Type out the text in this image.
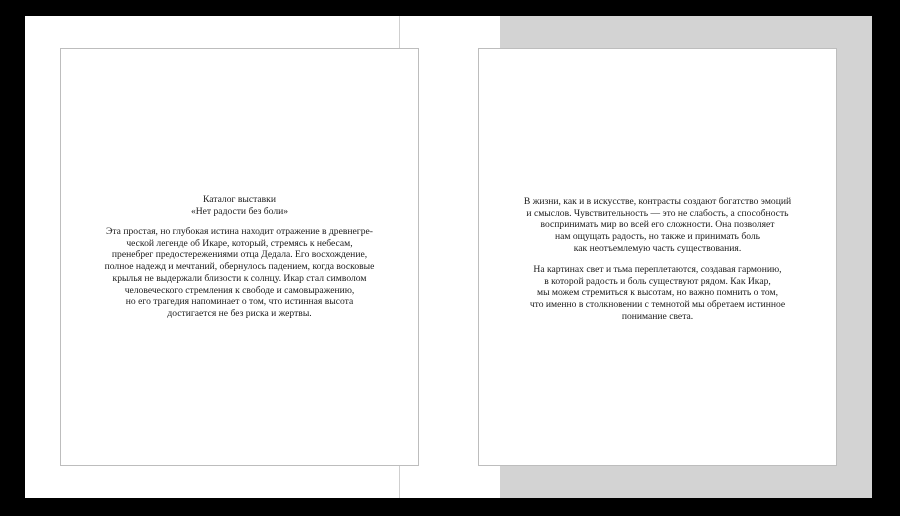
Каталог выставки
«Нет радости без боли»
Эта простая, но глубокая истина находит отражение в древнегре-
ческой легенде об Икаре, который, стремясь к небесам,
пренебрег предостережениями отца Дедала. Его восхождение,
полное надежд и мечтаний, обернулось падением, когда восковые
крылья не выдержали близости к солнцу. Икар стал символом
человеческого стремления к свободе и самовыражению,
но его трагедия напоминает о том, что истинная высота
достигается не без риска и жертвы.
В жизни, как и в искусстве, контрасты создают богатство эмоций
и смыслов. Чувствительность — это не слабость, а способность
воспринимать мир во всей его сложности. Она позволяет
нам ощущать радость, но также и принимать боль
как неотъемлемую часть существования.
На картинах свет и тьма переплетаются, создавая гармонию,
в которой радость и боль существуют рядом. Как Икар,
мы можем стремиться к высотам, но важно помнить о том,
что именно в столкновении с темнотой мы обретаем истинное
понимание света.
